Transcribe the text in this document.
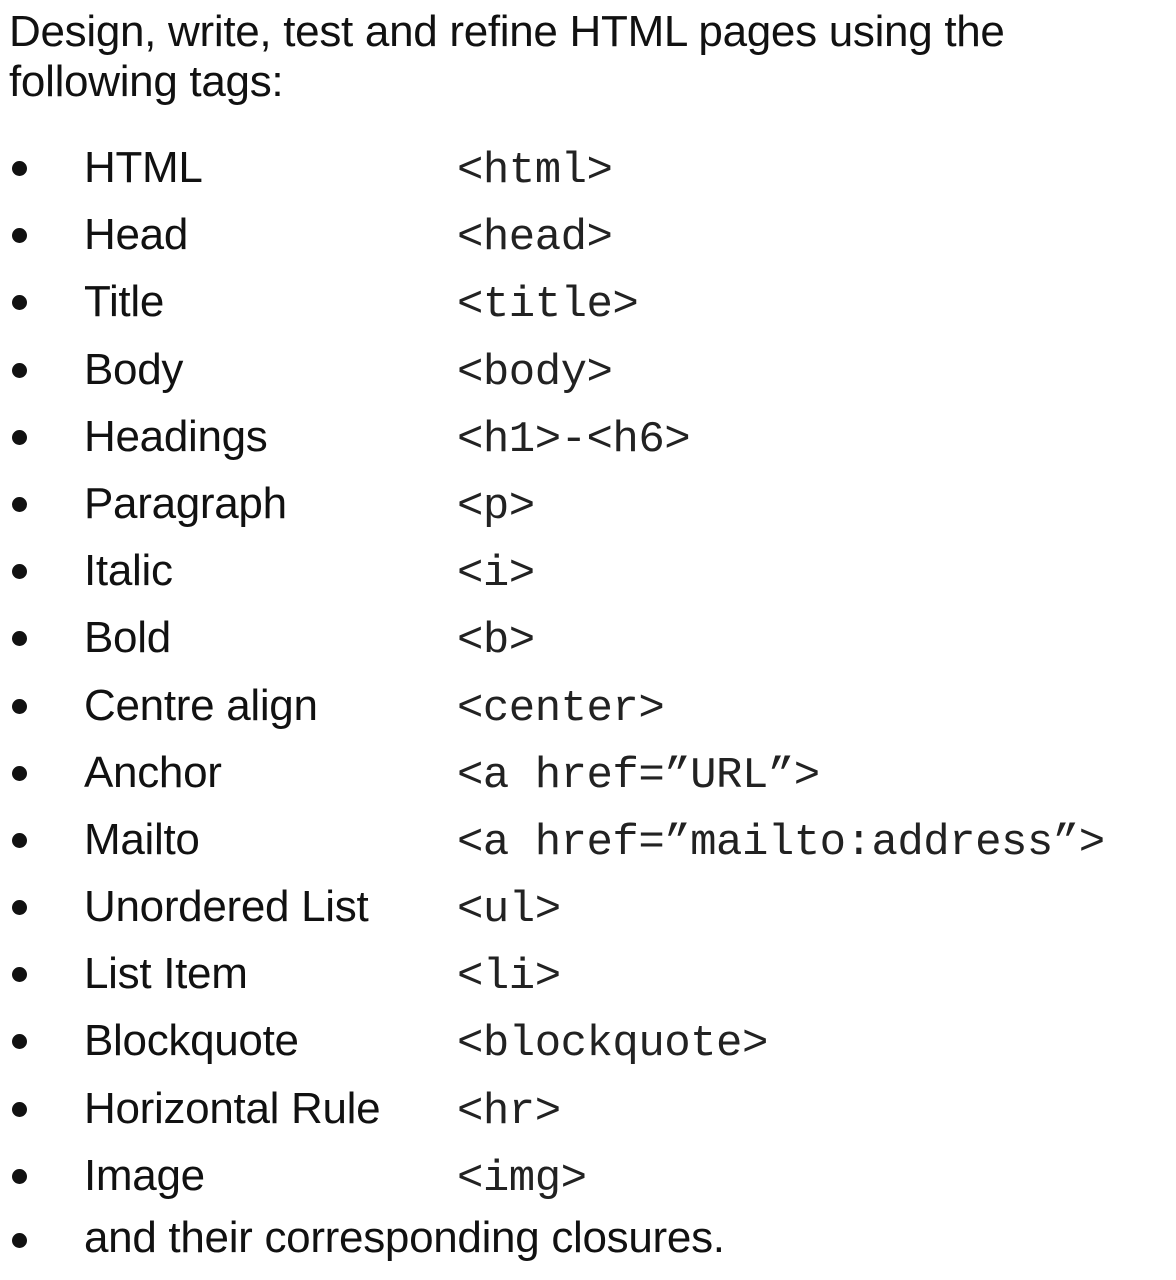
Design, write, test and refine HTML pages using the following tags:

HTML	<html>
Head	<head>
Title	<title>
Body	<body>
Headings	<h1>-<h6>
Paragraph	<p>
Italic	<i>
Bold	<b>
Centre align	<center>
Anchor	<a href=”URL”>
Mailto	<a href=”mailto:address”>
Unordered List <ul>
List Item	<li>
Blockquote	<blockquote>
Horizontal Rule <hr>
Image	<img>
and their corresponding closures.
